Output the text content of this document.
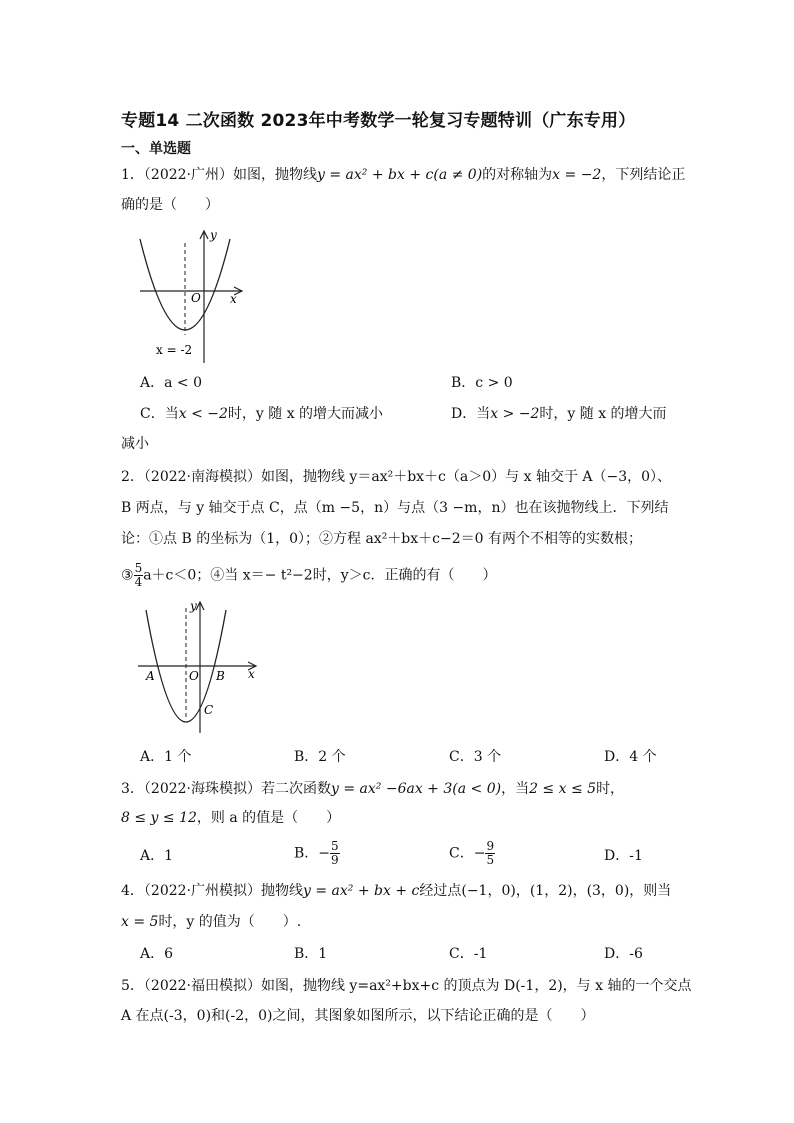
专题14 二次函数 2023年中考数学一轮复习专题特训（广东专用）
一、单选题
1．（2022·广州）如图，抛物线y = ax² + bx + c(a ≠ 0)的对称轴为x = −2，下列结论正
确的是（　　）
y
x
O
x = -2
A．a < 0	B．c > 0
C．当x < −2时，y 随 x 的增大而减小	D．当x > −2时，y 随 x 的增大而
减小
2．（2022·南海模拟）如图，抛物线 y＝ax²＋bx＋c（a＞0）与 x 轴交于 A（−3，0）、
B 两点，与 y 轴交于点 C，点（m −5，n）与点（3 −m，n）也在该抛物线上．下列结
论：①点 B 的坐标为（1，0）；②方程 ax²＋bx＋c−2＝0 有两个不相等的实数根；
③ $\frac{5}{4} a+c<0$；④当 x＝− t²−2时，y＞c．正确的有（　　）
y
x
O
A	B
C
A．1 个	B．2 个	C．3 个	D．4 个
3．（2022·海珠模拟）若二次函数y = ax² −6ax + 3(a < 0)，当2 ≤ x ≤ 5时，
8 ≤ y ≤ 12，则 a 的值是（　　）
A．1	B．− $\frac{5}{9}$	C．− $\frac{9}{5}$	D．-1
4．（2022·广州模拟）抛物线y = ax² + bx + c经过点(−1，0)，(1，2)，(3，0)，则当
x = 5时，y 的值为（　　）.
A．6	B．1	C．-1	D．-6
5．（2022·福田模拟）如图，抛物线 y=ax²+bx+c 的顶点为 D(-1，2)，与 x 轴的一个交点
A 在点(-3，0)和(-2，0)之间，其图象如图所示，以下结论正确的是（　　）
